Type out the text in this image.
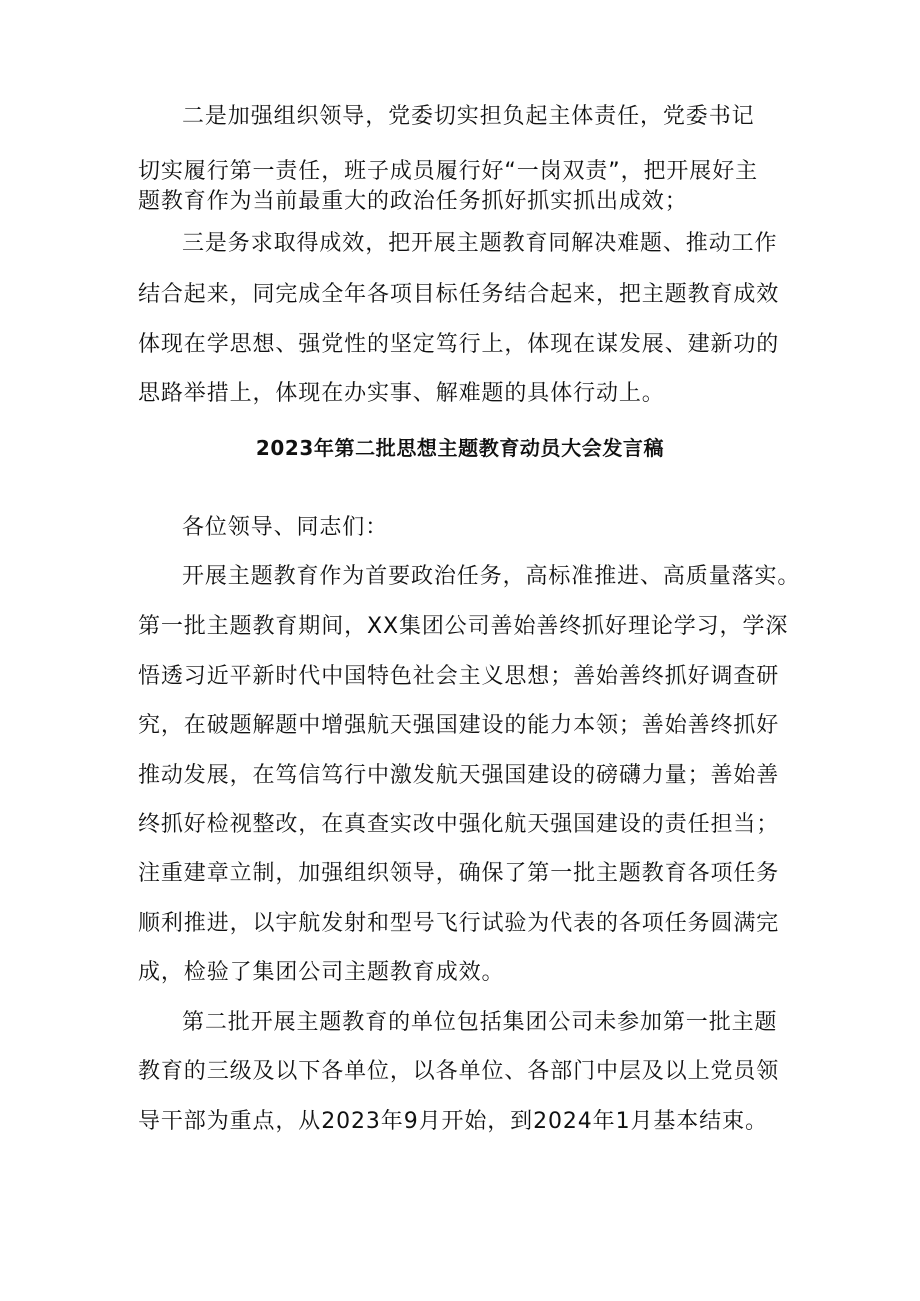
二是加强组织领导，党委切实担负起主体责任，党委书记
切实履行第一责任，班子成员履行好“一岗双责”，把开展好主
题教育作为当前最重大的政治任务抓好抓实抓出成效；
三是务求取得成效，把开展主题教育同解决难题、推动工作
结合起来，同完成全年各项目标任务结合起来，把主题教育成效
体现在学思想、强党性的坚定笃行上，体现在谋发展、建新功的
思路举措上，体现在办实事、解难题的具体行动上。
2023年第二批思想主题教育动员大会发言稿
各位领导、同志们：
开展主题教育作为首要政治任务，高标准推进、高质量落实。
第一批主题教育期间，XX集团公司善始善终抓好理论学习，学深
悟透习近平新时代中国特色社会主义思想；善始善终抓好调查研
究，在破题解题中增强航天强国建设的能力本领；善始善终抓好
推动发展，在笃信笃行中激发航天强国建设的磅礴力量；善始善
终抓好检视整改，在真查实改中强化航天强国建设的责任担当；
注重建章立制，加强组织领导，确保了第一批主题教育各项任务
顺利推进，以宇航发射和型号飞行试验为代表的各项任务圆满完
成，检验了集团公司主题教育成效。
第二批开展主题教育的单位包括集团公司未参加第一批主题
教育的三级及以下各单位，以各单位、各部门中层及以上党员领
导干部为重点，从2023年9月开始，到2024年1月基本结束。
